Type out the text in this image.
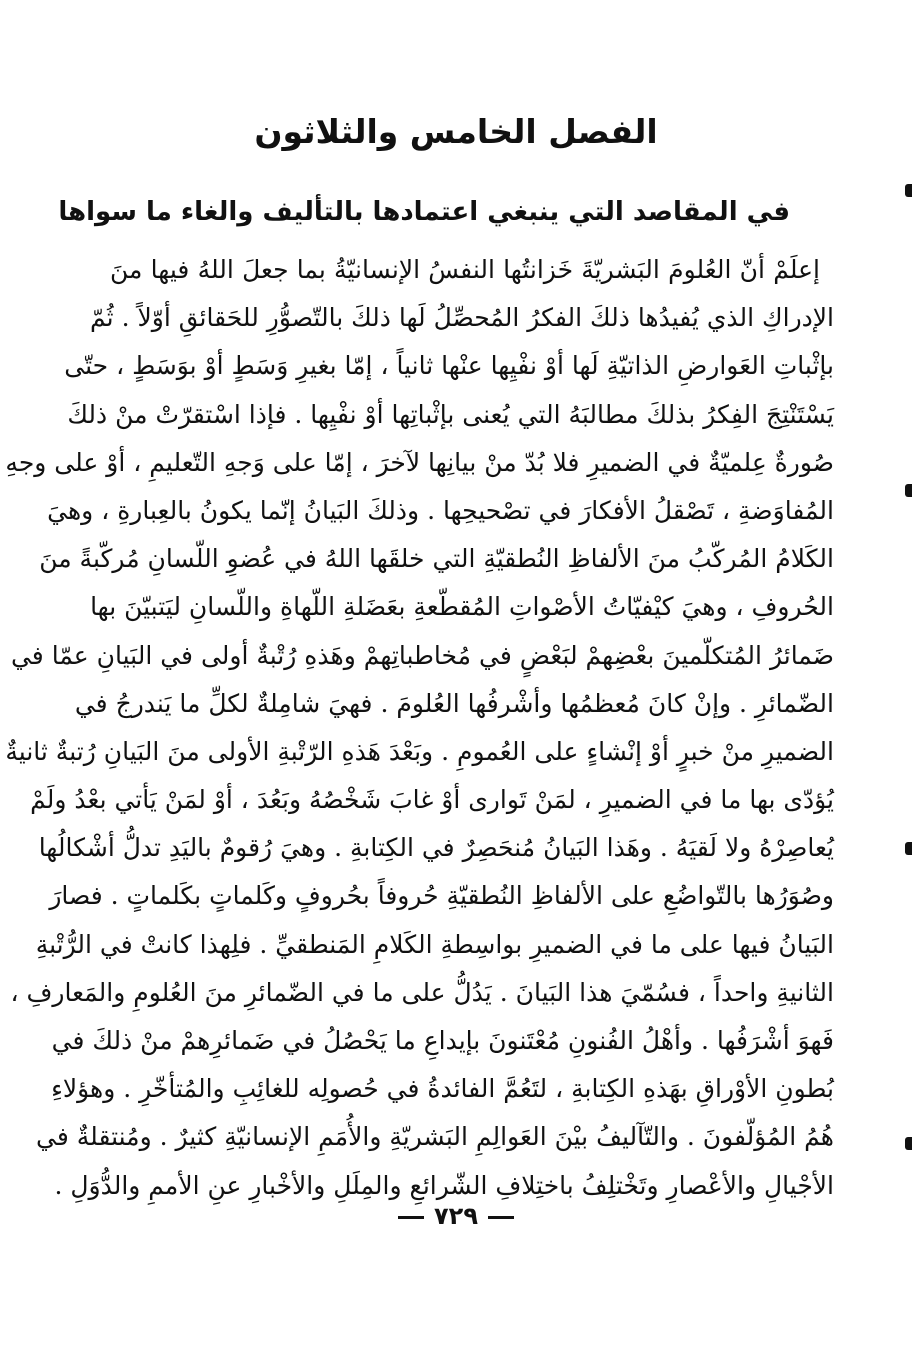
الفصل الخامس والثلاثون
في المقاصد التي ينبغي اعتمادها بالتأليف والغاء ما سواها
إعلَمْ أنّ العُلومَ البَشريّةَ خَزانتُها النفسُ الإنسانيّةُ بما جعلَ اللهُ فيها منَ
الإدراكِ الذي يُفيدُها ذلكَ الفكرُ المُحصِّلُ لَها ذلكَ بالتّصوُّرِ للحَقائقِ أوّلاً . ثُمّ
بإثْباتِ العَوارضِ الذاتيّةِ لَها أوْ نفْيِها عنْها ثانياً ، إمّا بغيرِ وَسَطٍ أوْ بوَسَطٍ ، حتّى
يَسْتَنْتِجَ الفِكرُ بذلكَ مطالبَهُ التي يُعنى بإثْباتِها أوْ نفْيِها . فإذا اسْتقرّتْ منْ ذلكَ
صُورةٌ عِلميّةٌ في الضميرِ فلا بُدّ منْ بيانِها لآخرَ ، إمّا على وَجهِ التّعليمِ ، أوْ على وجهِ
المُفاوَضةِ ، تَصْقلُ الأفكارَ في تصْحيحِها . وذلكَ البَيانُ إنّما يكونُ بالعِبارةِ ، وهيَ
الكَلامُ المُركّبُ منَ الألفاظِ النُطقيّةِ التي خلقَها اللهُ في عُضوِ اللّسانِ مُركّبةً منَ
الحُروفِ ، وهيَ كيْفيّاتُ الأصْواتِ المُقطّعةِ بعَضَلةِ اللّهاةِ واللّسانِ ليَتبيّنَ بها
ضَمائرُ المُتكلّمينَ بعْضِهمْ لبَعْضٍ في مُخاطباتِهمْ وهَذهِ رُتْبةٌ أولى في البَيانِ عمّا في
الضّمائرِ . وإنْ كانَ مُعظمُها وأشْرفُها العُلومَ . فهيَ شامِلةٌ لكلِّ ما يَندرجُ في
الضميرِ منْ خبرٍ أوْ إنْشاءٍ على العُمومِ . وبَعْدَ هَذهِ الرّتْبةِ الأولى منَ البَيانِ رُتبةٌ ثانيةٌ
يُؤدّى بها ما في الضميرِ ، لمَنْ تَوارى أوْ غابَ شَخْصُهُ وبَعُدَ ، أوْ لمَنْ يَأتي بعْدُ ولَمْ
يُعاصِرْهُ ولا لَقيَهُ . وهَذا البَيانُ مُنحَصِرٌ في الكِتابةِ . وهيَ رُقومٌ باليَدِ تدلُّ أشْكالُها
وصُوَرُها بالتّواضُعِ على الألفاظِ النُطقيّةِ حُروفاً بحُروفٍ وكَلماتٍ بكَلماتٍ . فصارَ
البَيانُ فيها على ما في الضميرِ بواسِطةِ الكَلامِ المَنطقيِّ . فلِهذا كانتْ في الرُّتْبةِ
الثانيةِ واحداً ، فسُمّيَ هذا البَيانَ . يَدُلُّ على ما في الضّمائرِ منَ العُلومِ والمَعارفِ ،
فَهوَ أشْرَفُها . وأهْلُ الفُنونِ مُعْتَنونَ بإيداعِ ما يَحْصُلُ في ضَمائرِهمْ منْ ذلكَ في
بُطونِ الأوْراقِ بهَذهِ الكِتابةِ ، لتَعُمَّ الفائدةُ في حُصولِه للغائِبِ والمُتأخّرِ . وهؤلاءِ
هُمُ المُؤلّفونَ . والتّآليفُ بيْنَ العَوالِمِ البَشريّةِ والأُمَمِ الإنسانيّةِ كثيرٌ . ومُنتقلةٌ في
الأجْيالِ والأعْصارِ وتَخْتلِفُ باختِلافِ الشّرائعِ والمِلَلِ والأخْبارِ عنِ الأممِ والدُّوَلِ .
٧٢٩
